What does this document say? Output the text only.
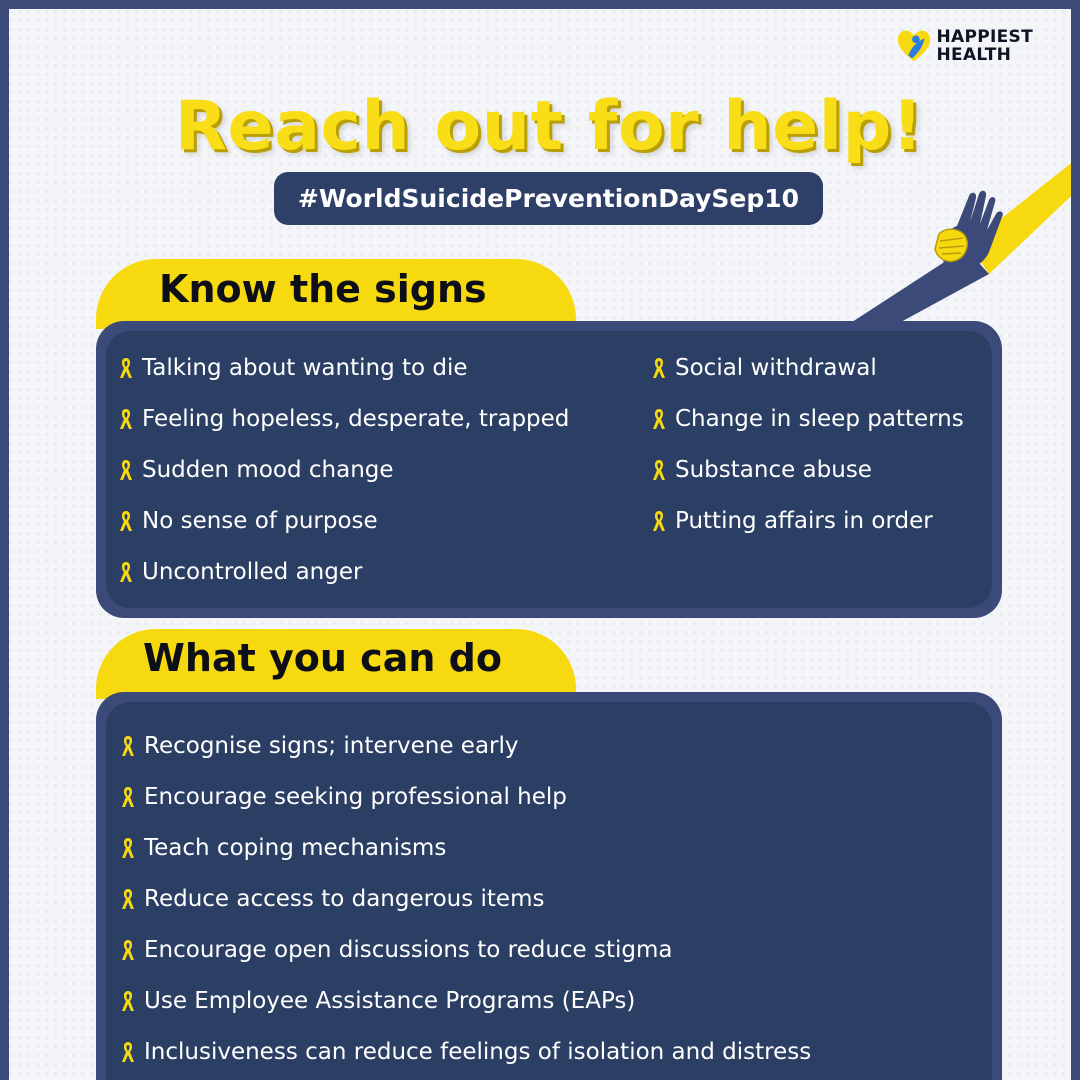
HAPPIEST
HEALTH
Reach out for help!
#WorldSuicidePreventionDaySep10
Know the signs
Talking about wanting to die
Feeling hopeless, desperate, trapped
Sudden mood change
No sense of purpose
Uncontrolled anger
Social withdrawal
Change in sleep patterns
Substance abuse
Putting affairs in order
What you can do
Recognise signs; intervene early
Encourage seeking professional help
Teach coping mechanisms
Reduce access to dangerous items
Encourage open discussions to reduce stigma
Use Employee Assistance Programs (EAPs)
Inclusiveness can reduce feelings of isolation and distress
